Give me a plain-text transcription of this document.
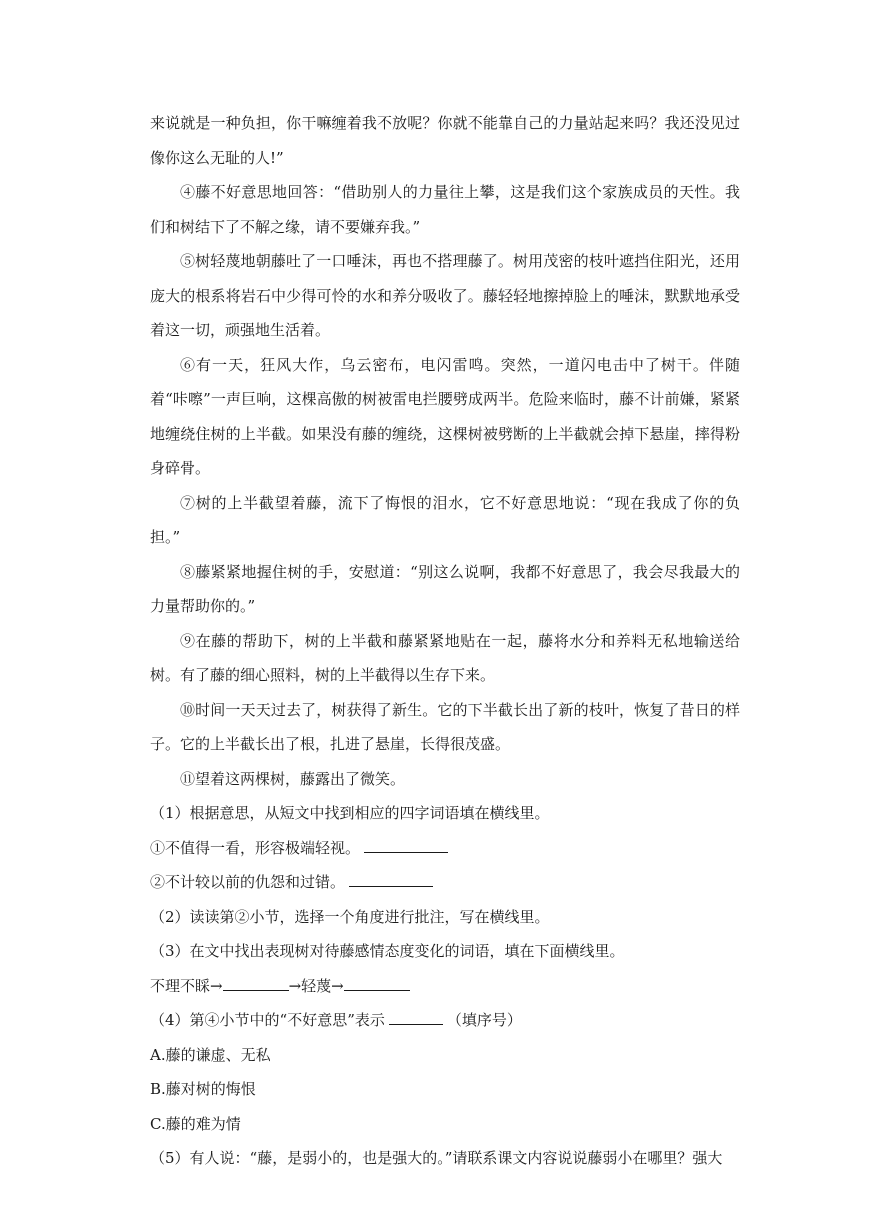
来说就是一种负担，你干嘛缠着我不放呢？你就不能靠自己的力量站起来吗？我还没见过像你这么无耻的人!”

④藤不好意思地回答：“借助别人的力量往上攀，这是我们这个家族成员的天性。我们和树结下了不解之缘，请不要嫌弃我。”

⑤树轻蔑地朝藤吐了一口唾沫，再也不搭理藤了。树用茂密的枝叶遮挡住阳光，还用庞大的根系将岩石中少得可怜的水和养分吸收了。藤轻轻地擦掉脸上的唾沫，默默地承受着这一切，顽强地生活着。

⑥有一天，狂风大作，乌云密布，电闪雷鸣。突然，一道闪电击中了树干。伴随着“咔嚓”一声巨响，这棵高傲的树被雷电拦腰劈成两半。危险来临时，藤不计前嫌，紧紧地缠绕住树的上半截。如果没有藤的缠绕，这棵树被劈断的上半截就会掉下悬崖，摔得粉身碎骨。

⑦树的上半截望着藤，流下了悔恨的泪水，它不好意思地说：“现在我成了你的负担。”

⑧藤紧紧地握住树的手，安慰道：“别这么说啊，我都不好意思了，我会尽我最大的力量帮助你的。”

⑨在藤的帮助下，树的上半截和藤紧紧地贴在一起，藤将水分和养料无私地输送给树。有了藤的细心照料，树的上半截得以生存下来。

⑩时间一天天过去了，树获得了新生。它的下半截长出了新的枝叶，恢复了昔日的样子。它的上半截长出了根，扎进了悬崖，长得很茂盛。

⑪望着这两棵树，藤露出了微笑。

（1）根据意思，从短文中找到相应的四字词语填在横线里。

①不值得一看，形容极端轻视。

②不计较以前的仇怨和过错。

（2）读读第②小节，选择一个角度进行批注，写在横线里。

（3）在文中找出表现树对待藤感情态度变化的词语，填在下面横线里。

不理不睬→	→轻蔑→

（4）第④小节中的“不好意思”表示	（填序号）

A.藤的谦虚、无私

B.藤对树的悔恨

C.藤的难为情

（5）有人说：“藤，是弱小的，也是强大的。”请联系课文内容说说藤弱小在哪里？强大
